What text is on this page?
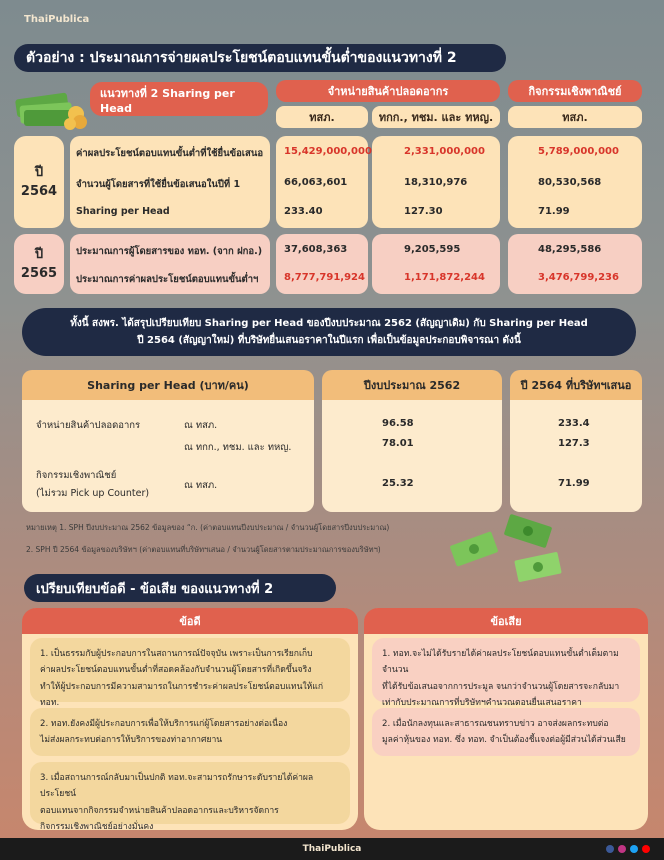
ThaiPublica
ตัวอย่าง : ประมาณการจ่ายผลประโยชน์ตอบแทนขั้นต่ำของแนวทางที่ 2
แนวทางที่ 2 Sharing per Head
จำหน่ายสินค้าปลอดอากร	กิจกรรมเชิงพาณิชย์
ทสภ.	ทกก., ทชม. และ ทหญ.	ทสภ.
ปี
2564
ค่าผลประโยชน์ตอบแทนขั้นต่ำที่ใช้ยื่นข้อเสนอ 15,429,000,000	2,331,000,000	5,789,000,000
จำนวนผู้โดยสารที่ใช้ยื่นข้อเสนอในปีที่ 1	66,063,601	18,310,976	80,530,568
Sharing per Head	233.40	127.30	71.99
ปี
2565
ประมาณการผู้โดยสารของ ทอท. (จาก ฝกอ.) 37,608,363	9,205,595	48,295,586
ประมาณการค่าผลประโยชน์ตอบแทนขั้นต่ำฯ	8,777,791,924	1,171,872,244	3,476,799,236
ทั้งนี้ สงพร. ได้สรุปเปรียบเทียบ Sharing per Head ของปีงบประมาณ 2562 (สัญญาเดิม) กับ Sharing per Head
ปี 2564 (สัญญาใหม่) ที่บริษัทยื่นเสนอราคาในปีแรก เพื่อเป็นข้อมูลประกอบพิจารณา ดังนี้
Sharing per Head (บาท/คน)	ปีงบประมาณ 2562	ปี 2564 ที่บริษัทฯเสนอ
จำหน่ายสินค้าปลอดอากร	ณ ทสภ.	96.58	233.4
ณ ทกก., ทชม. และ ทหญ.	78.01	127.3
กิจกรรมเชิงพาณิชย์
(ไม่รวม Pick up Counter)
ณ ทสภ.	25.32	71.99
หมายเหตุ 1. SPH ปีงบประมาณ 2562 ข้อมูลของ “ก. (ค่าตอบแทนปีงบประมาณ / จำนวนผู้โดยสารปีงบประมาณ)
2. SPH ปี 2564 ข้อมูลของบริษัทฯ (ค่าตอบแทนที่บริษัทฯเสนอ / จำนวนผู้โดยสารตามประมาณการของบริษัทฯ)
เปรียบเทียบข้อดี - ข้อเสีย ของแนวทางที่ 2
ข้อดี
1. เป็นธรรมกับผู้ประกอบการในสถานการณ์ปัจจุบัน เพราะเป็นการเรียกเก็บ
ค่าผลประโยชน์ตอบแทนขั้นต่ำที่สอดคล้องกับจำนวนผู้โดยสารที่เกิดขึ้นจริง
ทำให้ผู้ประกอบการมีความสามารถในการชำระค่าผลประโยชน์ตอบแทนให้แก่ ทอท.
2. ทอท.ยังคงมีผู้ประกอบการเพื่อให้บริการแก่ผู้โดยสารอย่างต่อเนื่อง
ไม่ส่งผลกระทบต่อการให้บริการของท่าอากาศยาน
3. เมื่อสถานการณ์กลับมาเป็นปกติ ทอท.จะสามารถรักษาระดับรายได้ค่าผลประโยชน์
ตอบแทนจากกิจกรรมจำหน่ายสินค้าปลอดอากรและบริหารจัดการ
กิจกรรมเชิงพาณิชย์อย่างมั่นคง
ข้อเสีย
1. ทอท.จะไม่ได้รับรายได้ค่าผลประโยชน์ตอบแทนขั้นต่ำเต็มตามจำนวน
ที่ได้รับข้อเสนอจากการประมูล จนกว่าจำนวนผู้โดยสารจะกลับมา
เท่ากับประมาณการที่บริษัทฯคำนวณตอนยื่นเสนอราคา
2. เมื่อนักลงทุนและสาธารณชนทราบข่าว อาจส่งผลกระทบต่อ
มูลค่าหุ้นของ ทอท. ซึ่ง ทอท. จำเป็นต้องชี้แจงต่อผู้มีส่วนได้ส่วนเสีย
ThaiPublica
